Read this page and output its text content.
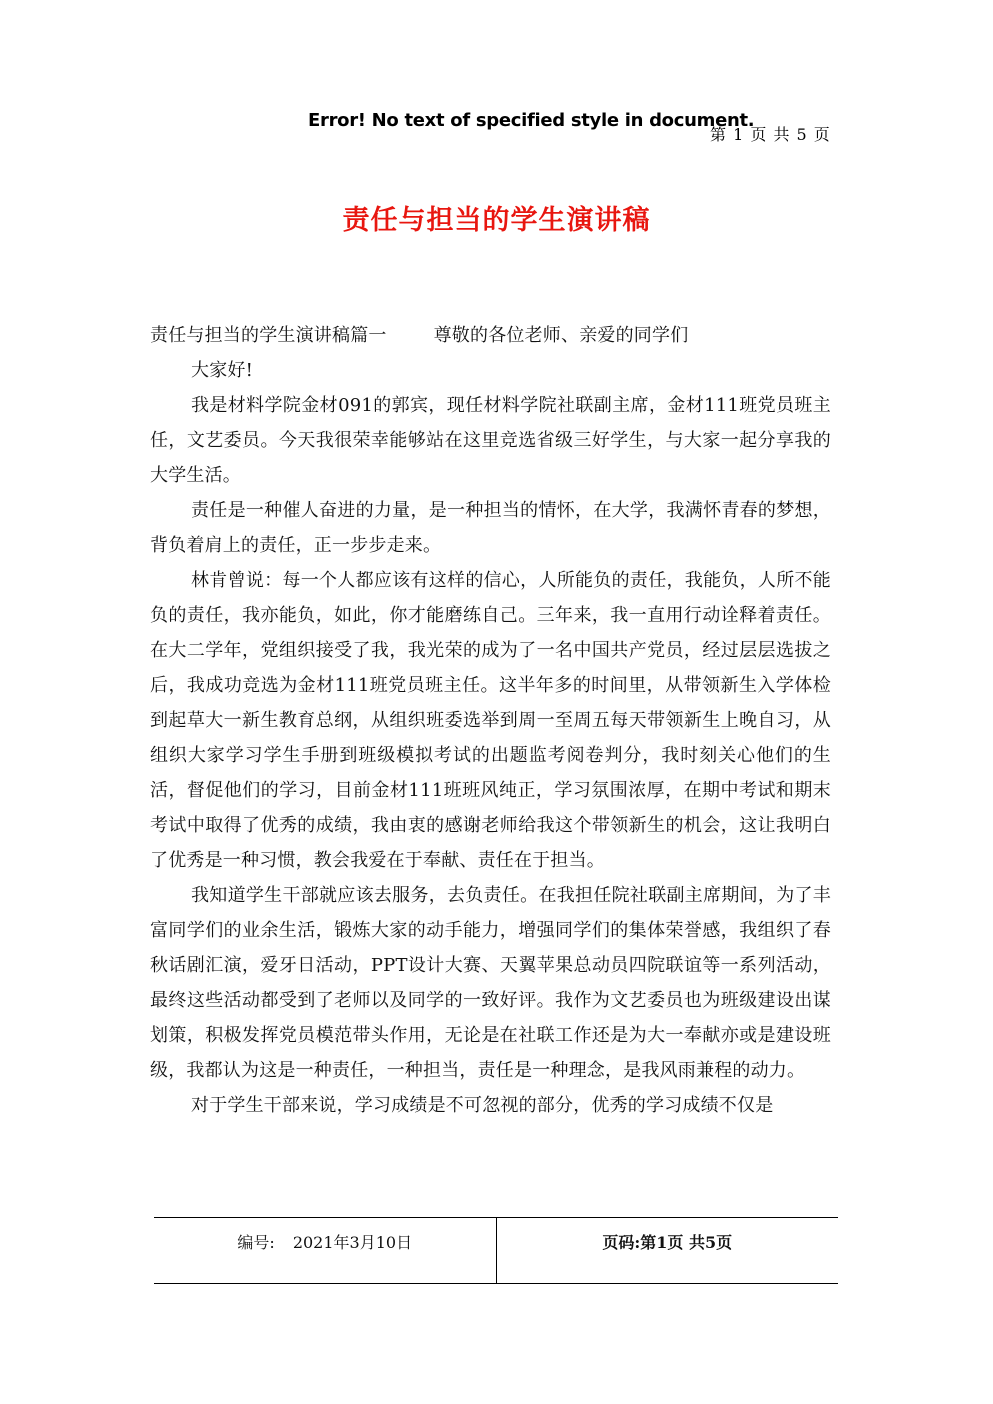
Error! No text of specified style in document.
第 1 页 共 5 页
责任与担当的学生演讲稿

责任与担当的学生演讲稿篇一	尊敬的各位老师、亲爱的同学们

大家好!

我是材料学院金材091的郭宾，现任材料学院社联副主席，金材111班党员班主任，文艺委员。今天我很荣幸能够站在这里竞选省级三好学生，与大家一起分享我的大学生活。

责任是一种催人奋进的力量，是一种担当的情怀，在大学，我满怀青春的梦想，背负着肩上的责任，正一步步走来。

林肯曾说：每一个人都应该有这样的信心，人所能负的责任，我能负，人所不能负的责任，我亦能负，如此，你才能磨练自己。三年来，我一直用行动诠释着责任。在大二学年，党组织接受了我，我光荣的成为了一名中国共产党员，经过层层选拔之后，我成功竞选为金材111班党员班主任。这半年多的时间里，从带领新生入学体检到起草大一新生教育总纲，从组织班委选举到周一至周五每天带领新生上晚自习，从组织大家学习学生手册到班级模拟考试的出题监考阅卷判分，我时刻关心他们的生活，督促他们的学习，目前金材111班班风纯正，学习氛围浓厚，在期中考试和期末考试中取得了优秀的成绩，我由衷的感谢老师给我这个带领新生的机会，这让我明白了优秀是一种习惯，教会我爱在于奉献、责任在于担当。

我知道学生干部就应该去服务，去负责任。在我担任院社联副主席期间，为了丰富同学们的业余生活，锻炼大家的动手能力，增强同学们的集体荣誉感，我组织了春秋话剧汇演，爱牙日活动，PPT设计大赛、天翼苹果总动员四院联谊等一系列活动，最终这些活动都受到了老师以及同学的一致好评。我作为文艺委员也为班级建设出谋划策，积极发挥党员模范带头作用，无论是在社联工作还是为大一奉献亦或是建设班级，我都认为这是一种责任，一种担当，责任是一种理念，是我风雨兼程的动力。

对于学生干部来说，学习成绩是不可忽视的部分，优秀的学习成绩不仅是

编号: 2021年3月10日	页码:第1页 共5页
